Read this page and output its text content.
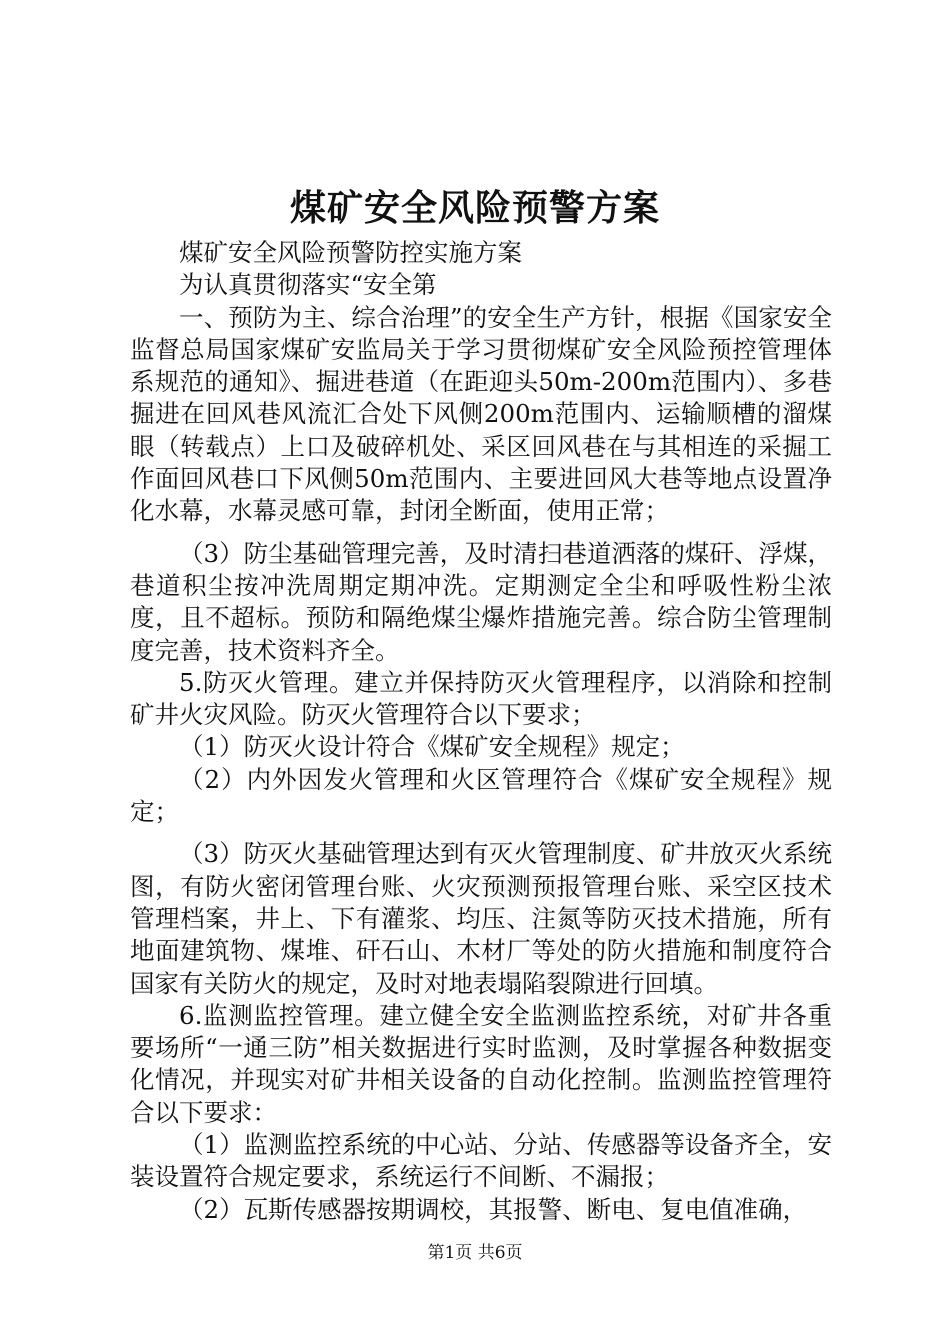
煤矿安全风险预警方案

煤矿安全风险预警防控实施方案

为认真贯彻落实“安全第

一、预防为主、综合治理”的安全生产方针，根据《国家安全监督总局国家煤矿安监局关于学习贯彻煤矿安全风险预控管理体系规范的通知》、掘进巷道（在距迎头50m-200m范围内）、多巷掘进在回风巷风流汇合处下风侧200m范围内、运输顺槽的溜煤眼（转载点）上口及破碎机处、采区回风巷在与其相连的采掘工作面回风巷口下风侧50m范围内、主要进回风大巷等地点设置净化水幕，水幕灵感可靠，封闭全断面，使用正常；

（3）防尘基础管理完善，及时清扫巷道洒落的煤矸、浮煤，巷道积尘按冲洗周期定期冲洗。定期测定全尘和呼吸性粉尘浓度，且不超标。预防和隔绝煤尘爆炸措施完善。综合防尘管理制度完善，技术资料齐全。

5.防灭火管理。建立并保持防灭火管理程序，以消除和控制矿井火灾风险。防灭火管理符合以下要求；

（1）防灭火设计符合《煤矿安全规程》规定；

（2）内外因发火管理和火区管理符合《煤矿安全规程》规定；

（3）防灭火基础管理达到有灭火管理制度、矿井放灭火系统图，有防火密闭管理台账、火灾预测预报管理台账、采空区技术管理档案，井上、下有灌浆、均压、注氮等防灭技术措施，所有地面建筑物、煤堆、矸石山、木材厂等处的防火措施和制度符合国家有关防火的规定，及时对地表塌陷裂隙进行回填。

6.监测监控管理。建立健全安全监测监控系统，对矿井各重要场所“一通三防”相关数据进行实时监测，及时掌握各种数据变化情况，并现实对矿井相关设备的自动化控制。监测监控管理符合以下要求：

（1）监测监控系统的中心站、分站、传感器等设备齐全，安装设置符合规定要求，系统运行不间断、不漏报；

（2）瓦斯传感器按期调校，其报警、断电、复电值准确，

第1页 共6页
